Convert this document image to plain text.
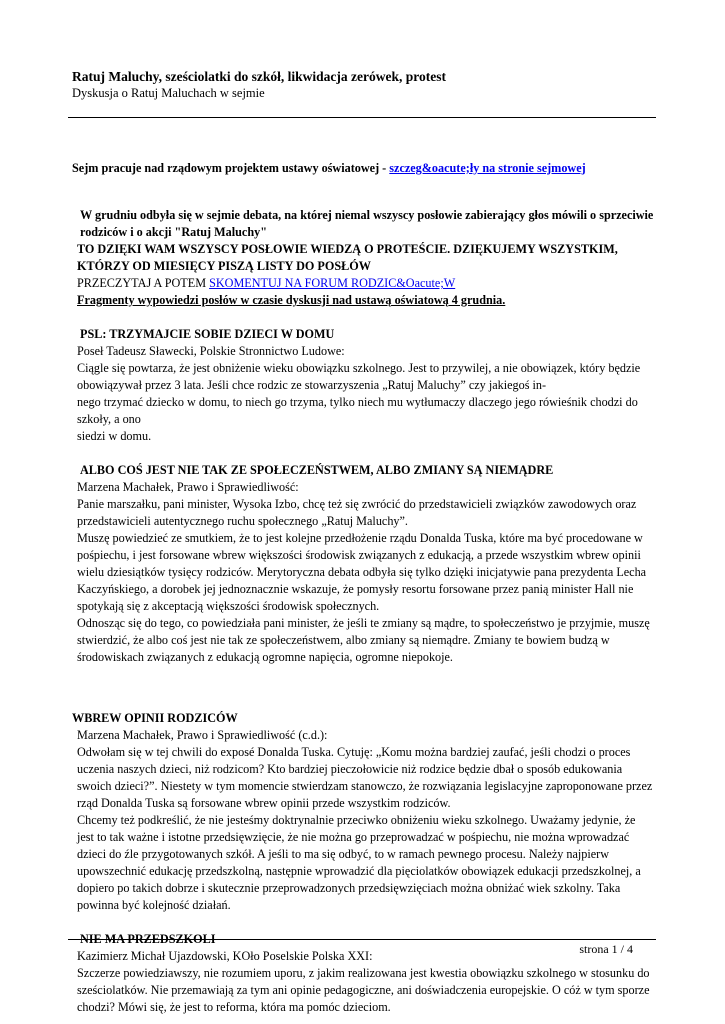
Ratuj Maluchy, sześciolatki do szkół, likwidacja zerówek, protest

Dyskusja o Ratuj Maluchach w sejmie

Sejm pracuje nad rządowym projektem ustawy oświatowej - szczeg&oacute;ły na stronie sejmowej

W grudniu odbyła się w sejmie debata, na której niemal wszyscy posłowie zabierający głos mówili o sprzeciwie rodziców i o akcji "Ratuj Maluchy"

TO DZIĘKI WAM WSZYSCY POSŁOWIE WIEDZĄ O PROTEŚCIE. DZIĘKUJEMY WSZYSTKIM, KTÓRZY OD MIESIĘCY PISZĄ LISTY DO POSŁÓW

PRZECZYTAJ A POTEM SKOMENTUJ NA FORUM RODZIC&Oacute;W

Fragmenty wypowiedzi posłów w czasie dyskusji nad ustawą oświatową 4 grudnia.

PSL: TRZYMAJCIE SOBIE DZIECI W DOMU

Poseł Tadeusz Sławecki, Polskie Stronnictwo Ludowe:

Ciągle się powtarza, że jest obniżenie wieku obowiązku szkolnego. Jest to przywilej, a nie obowiązek, który będzie obowiązywał przez 3 lata. Jeśli chce rodzic ze stowarzyszenia „Ratuj Maluchy” czy jakiegoś in-

nego trzymać dziecko w domu, to niech go trzyma, tylko niech mu wytłumaczy dlaczego jego rówieśnik chodzi do szkoły, a ono

siedzi w domu.

ALBO COŚ JEST NIE TAK ZE SPOŁECZEŃSTWEM, ALBO ZMIANY SĄ NIEMĄDRE

Marzena Machałek, Prawo i Sprawiedliwość:

Panie marszałku, pani minister, Wysoka Izbo, chcę też się zwrócić do przedstawicieli związków zawodowych oraz przedstawicieli autentycznego ruchu społecznego „Ratuj Maluchy”.

Muszę powiedzieć ze smutkiem, że to jest kolejne przedłożenie rządu Donalda Tuska, które ma być procedowane w pośpiechu, i jest forsowane wbrew większości środowisk związanych z edukacją, a przede wszystkim wbrew opinii wielu dziesiątków tysięcy rodziców. Merytoryczna debata odbyła się tylko dzięki inicjatywie pana prezydenta Lecha Kaczyńskiego, a dorobek jej jednoznacznie wskazuje, że pomysły resortu forsowane przez panią minister Hall nie spotykają się z akceptacją większości środowisk społecznych.

Odnosząc się do tego, co powiedziała pani minister, że jeśli te zmiany są mądre, to społeczeństwo je przyjmie, muszę stwierdzić, że albo coś jest nie tak ze społeczeństwem, albo zmiany są niemądre. Zmiany te bowiem budzą w środowiskach związanych z edukacją ogromne napięcia, ogromne niepokoje.

WBREW OPINII RODZICÓW

Marzena Machałek, Prawo i Sprawiedliwość (c.d.):

Odwołam się w tej chwili do exposé Donalda Tuska. Cytuję: „Komu można bardziej zaufać, jeśli chodzi o proces uczenia naszych dzieci, niż rodzicom? Kto bardziej pieczołowicie niż rodzice będzie dbał o sposób edukowania swoich dzieci?”. Niestety w tym momencie stwierdzam stanowczo, że rozwiązania legislacyjne zaproponowane przez rząd Donalda Tuska są forsowane wbrew opinii przede wszystkim rodziców.

Chcemy też podkreślić, że nie jesteśmy doktrynalnie przeciwko obniżeniu wieku szkolnego. Uważamy jedynie, że jest to tak ważne i istotne przedsięwzięcie, że nie można go przeprowadzać w pośpiechu, nie można wprowadzać dzieci do źle przygotowanych szkół. A jeśli to ma się odbyć, to w ramach pewnego procesu. Należy najpierw upowszechnić edukację przedszkolną, następnie wprowadzić dla pięciolatków obowiązek edukacji przedszkolnej, a dopiero po takich dobrze i skutecznie przeprowadzonych przedsięwzięciach można obniżać wiek szkolny. Taka powinna być kolejność działań.

NIE MA PRZEDSZKOLI

Kazimierz Michał Ujazdowski, KOło Poselskie Polska XXI:

Szczerze powiedziawszy, nie rozumiem uporu, z jakim realizowana jest kwestia obowiązku szkolnego w stosunku do sześciolatków. Nie przemawiają za tym ani opinie pedagogiczne, ani doświadczenia europejskie. O cóż w tym sporze chodzi? Mówi się, że jest to reforma, która ma pomóc dzieciom.

strona 1 / 4
